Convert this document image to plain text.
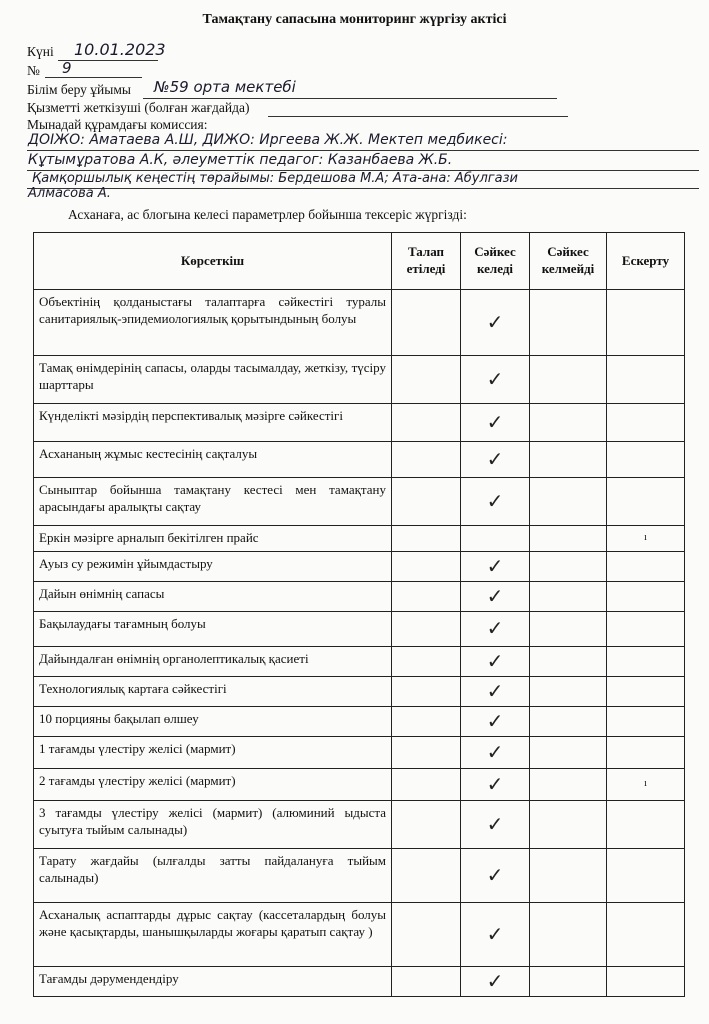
Тамақтану сапасына мониторинг жүргізу актісі
Күні 10.01.2023
№ 9
Білім беру ұйымы №59 орта мектебі
Қызметті жеткізуші (болған жағдайда)
Мынадай құрамдағы комиссия:
ДОІЖО: Аматаева А.Ш, ДИЖО: Иргеева Ж.Ж. Мектеп медбикесі:
Кұтымұратова А.К, әлеуметтік педагог: Казанбаева Ж.Б.
Қамқоршылық кеңестің төрайымы: Бердешова М.А; Ата-ана: Абулгази
Алмасова А.
Асханаға, ас блогына келесі параметрлер бойынша тексеріс жүргізді:
Көрсеткіш	Талап етіледі	Сәйкес келеді	Сәйкес келмейді	Ескерту
Объектінің қолданыстағы талаптарға сәйкестігі туралы санитариялық-эпидемиологиялық қорытындының болуы		✓		
Тамақ өнімдерінің сапасы, оларды тасымалдау, жеткізу, түсіру шарттары		✓		
Күнделікті мәзірдің перспективалық мәзірге сәйкестігі		✓		
Асхананың жұмыс кестесінің сақталуы		✓		
Сыныптар бойынша тамақтану кестесі мен тамақтану арасындағы аралықты сақтау		✓		
Еркін мәзірге арналып бекітілген прайс				ı
Ауыз су режимін ұйымдастыру		✓		
Дайын өнімнің сапасы		✓		
Бақылаудағы тағамның болуы		✓		
Дайындалған өнімнің органолептикалық қасиеті		✓		
Технологиялық картаға сәйкестігі		✓		
10 порцияны бақылап өлшеу		✓		
1 тағамды үлестіру желісі (мармит)		✓		
2 тағамды үлестіру желісі (мармит)		✓		ı
3 тағамды үлестіру желісі (мармит) (алюминий ыдыста суытуға тыйым салынады)		✓		
Тарату жағдайы (ылғалды затты пайдалануға тыйым салынады)		✓		
Асханалық аспаптарды дұрыс сақтау (кассеталардың болуы және қасықтарды, шанышқыларды жоғары қаратып сақтау )		✓		
Тағамды дәрумендендіру		✓		
